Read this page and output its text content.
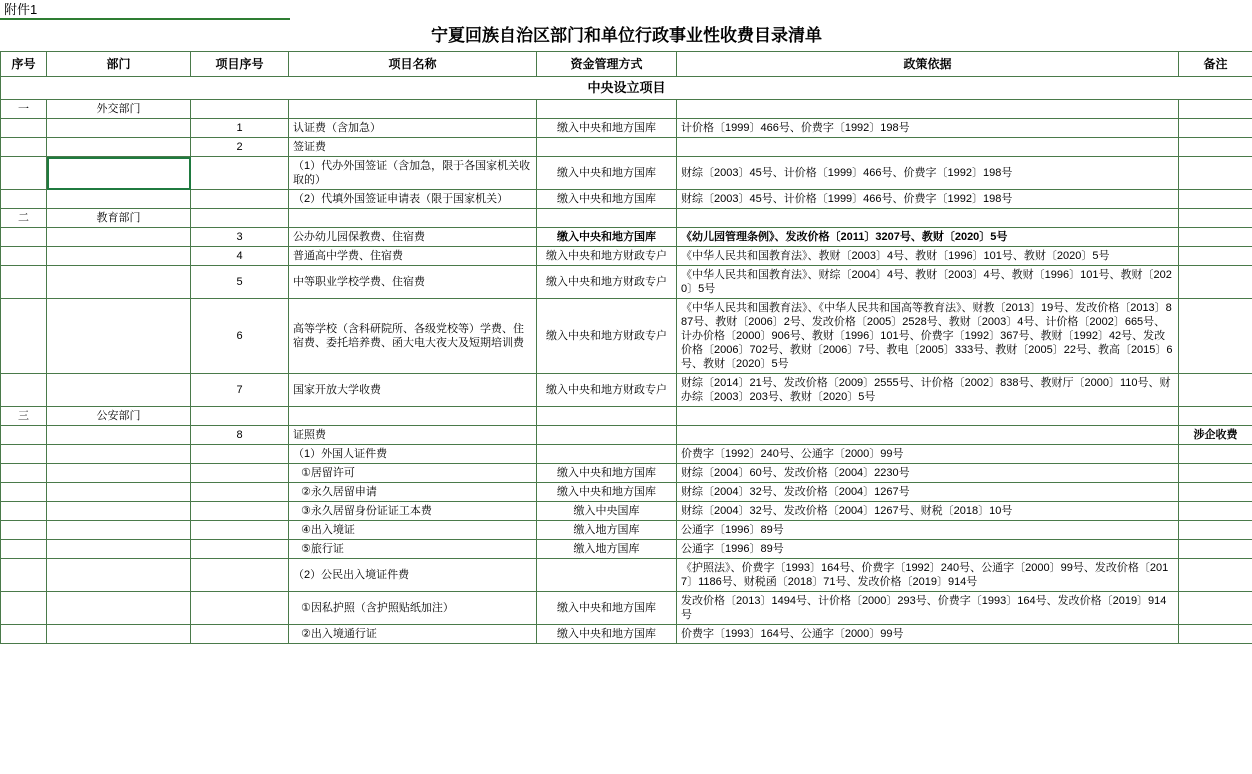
附件1
宁夏回族自治区部门和单位行政事业性收费目录清单						
序号	部门	项目序号	项目名称	资金管理方式	政策依据	备注
中央设立项目						
一	外交部门					
		1	认证费（含加急）	缴入中央和地方国库	计价格〔1999〕466号、价费字〔1992〕198号	
		2	签证费			
			（1）代办外国签证（含加急，限于各国家机关收取的）	缴入中央和地方国库	财综〔2003〕45号、计价格〔1999〕466号、价费字〔1992〕198号	
			（2）代填外国签证申请表（限于国家机关）	缴入中央和地方国库	财综〔2003〕45号、计价格〔1999〕466号、价费字〔1992〕198号	
二	教育部门					
		3	公办幼儿园保教费、住宿费	缴入中央和地方国库	《幼儿园管理条例》、发改价格〔2011〕3207号、教财〔2020〕5号	
		4	普通高中学费、住宿费	缴入中央和地方财政专户	《中华人民共和国教育法》、教财〔2003〕4号、教财〔1996〕101号、教财〔2020〕5号	
		5	中等职业学校学费、住宿费	缴入中央和地方财政专户	《中华人民共和国教育法》、财综〔2004〕4号、教财〔2003〕4号、教财〔1996〕101号、教财〔2020〕5号	
		6	高等学校（含科研院所、各级党校等）学费、住宿费、委托培养费、函大电大夜大及短期培训费	缴入中央和地方财政专户	《中华人民共和国教育法》、《中华人民共和国高等教育法》、财教〔2013〕19号、发改价格〔2013〕887号、教财〔2006〕2号、发改价格〔2005〕2528号、教财〔2003〕4号、计价格〔2002〕665号、计办价格〔2000〕906号、教财〔1996〕101号、价费字〔1992〕367号、教财〔1992〕42号、发改价格〔2006〕702号、教财〔2006〕7号、教电〔2005〕333号、教财〔2005〕22号、教高〔2015〕6号、教财〔2020〕5号	
		7	国家开放大学收费	缴入中央和地方财政专户	财综〔2014〕21号、发改价格〔2009〕2555号、计价格〔2002〕838号、教财厅〔2000〕110号、财办综〔2003〕203号、教财〔2020〕5号	
三	公安部门					
		8	证照费			涉企收费
			（1）外国人证件费		价费字〔1992〕240号、公通字〔2000〕99号	
			①居留许可	缴入中央和地方国库	财综〔2004〕60号、发改价格〔2004〕2230号	
			②永久居留申请	缴入中央和地方国库	财综〔2004〕32号、发改价格〔2004〕1267号	
			③永久居留身份证证工本费	缴入中央国库	财综〔2004〕32号、发改价格〔2004〕1267号、财税〔2018〕10号	
			④出入境证	缴入地方国库	公通字〔1996〕89号	
			⑤旅行证	缴入地方国库	公通字〔1996〕89号	
			（2）公民出入境证件费		《护照法》、价费字〔1993〕164号、价费字〔1992〕240号、公通字〔2000〕99号、发改价格〔2017〕1186号、财税函〔2018〕71号、发改价格〔2019〕914号	
			①因私护照（含护照贴纸加注）	缴入中央和地方国库	发改价格〔2013〕1494号、计价格〔2000〕293号、价费字〔1993〕164号、发改价格〔2019〕914号	
			②出入境通行证	缴入中央和地方国库	价费字〔1993〕164号、公通字〔2000〕99号	
